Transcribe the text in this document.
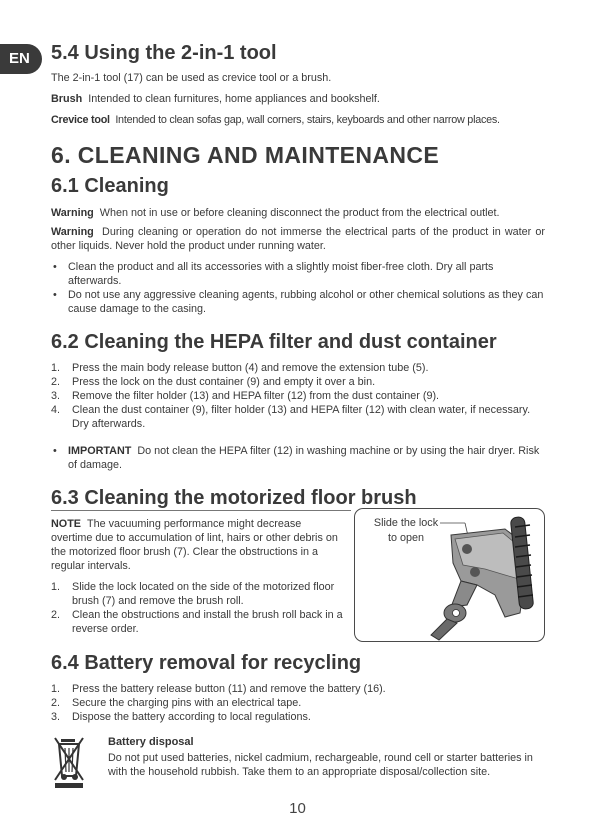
EN	5.4 Using the 2-in-1 tool

The 2-in-1 tool (17) can be used as crevice tool or a brush.

Brush Intended to clean furnitures, home appliances and bookshelf.

Crevice tool Intended to clean sofas gap, wall corners, stairs, keyboards and other narrow places.

6. CLEANING AND MAINTENANCE
6.1 Cleaning

Warning When not in use or before cleaning disconnect the product from the electrical outlet.

Warning During cleaning or operation do not immerse the electrical parts of the product in water or other liquids. Never hold the product under running water.

• Clean the product and all its accessories with a slightly moist fiber-free cloth. Dry all parts afterwards.
• Do not use any aggressive cleaning agents, rubbing alcohol or other chemical solutions as they can cause damage to the casing.
6.2 Cleaning the HEPA filter and dust container
1. Press the main body release button (4) and remove the extension tube (5).
2. Press the lock on the dust container (9) and empty it over a bin.
3. Remove the filter holder (13) and HEPA filter (12) from the dust container (9).
4. Clean the dust container (9), filter holder (13) and HEPA filter (12) with clean water, if necessary. Dry afterwards.
• IMPORTANT Do not clean the HEPA filter (12) in washing machine or by using the hair dryer. Risk of damage.
6.3 Cleaning the motorized floor brush

NOTE The vacuuming performance might decrease overtime due to accumulation of lint, hairs or other debris on the motorized floor brush (7). Clear the obstructions in a regular intervals.

1. Slide the lock located on the side of the motorized floor brush (7) and remove the brush roll.
2. Clean the obstructions and install the brush roll back in a reverse order.
Slide the lock
to open
6.4 Battery removal for recycling
1. Press the battery release button (11) and remove the battery (16).
2. Secure the charging pins with an electrical tape.
3. Dispose the battery according to local regulations.
Battery disposal

Do not put used batteries, nickel cadmium, rechargeable, round cell or starter batteries in with the household rubbish. Take them to an appropriate disposal/collection site.

10
